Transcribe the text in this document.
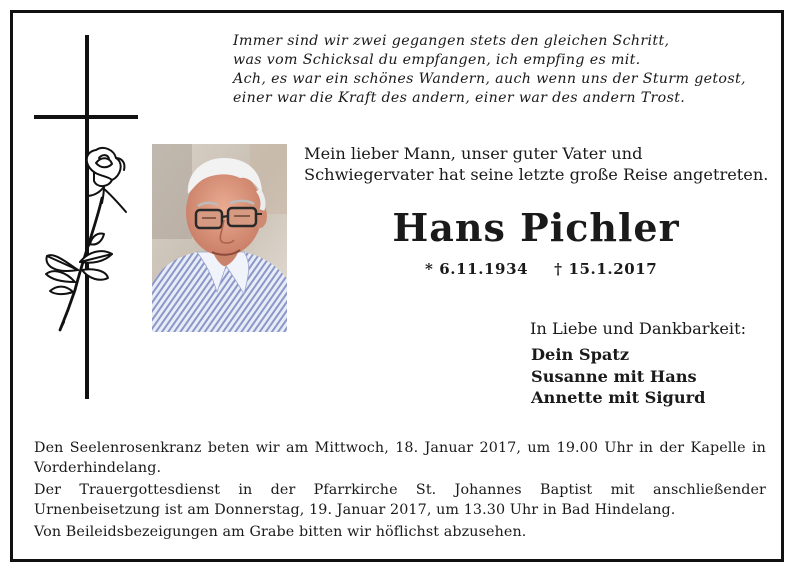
Immer sind wir zwei gegangen stets den gleichen Schritt,
was vom Schicksal du empfangen, ich empfing es mit.
Ach, es war ein schönes Wandern, auch wenn uns der Sturm getost,
einer war die Kraft des andern, einer war des andern Trost.
Mein lieber Mann, unser guter Vater und
Schwiegervater hat seine letzte große Reise angetreten.
Hans Pichler
* 6.11.1934 † 15.1.2017
In Liebe und Dankbarkeit:
Dein Spatz
Susanne mit Hans
Annette mit Sigurd

Den Seelenrosenkranz beten wir am Mittwoch, 18. Januar 2017, um 19.00 Uhr in der Kapelle in Vorderhindelang.

Der Trauergottesdienst in der Pfarrkirche St. Johannes Baptist mit anschließender Urnenbeisetzung ist am Donnerstag, 19. Januar 2017, um 13.30 Uhr in Bad Hindelang.

Von Beileidsbezeigungen am Grabe bitten wir höflichst abzusehen.
